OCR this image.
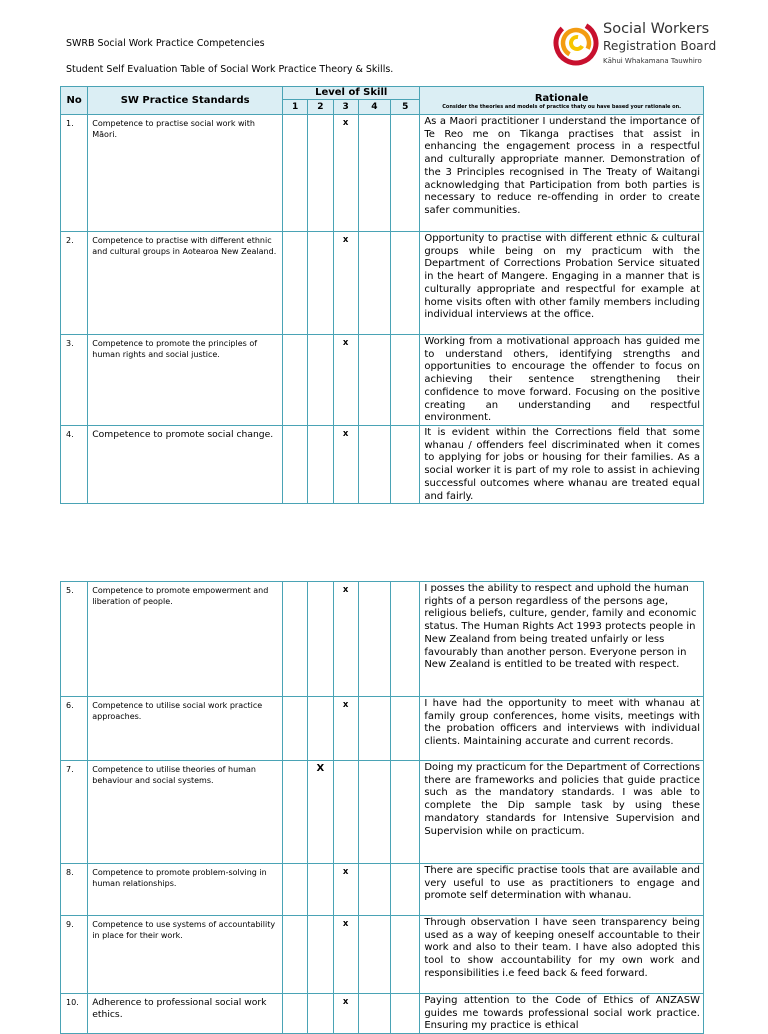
SWRB Social Work Practice Competencies
Student Self Evaluation Table of Social Work Practice Theory & Skills.
Social Workers
Registration Board
Kāhui Whakamana Tauwhiro
No	SW Practice Standards	Level of Skill					Rationale
Consider the theories and models of practice thaty ou have based your rationale on.

		1	2	3	4	5	
1.	Competence to practise social work with Māori.			x			As a Maori practitioner I understand the importance of Te Reo me on Tikanga practises that assist in enhancing the engagement process in a respectful and culturally appropriate manner. Demonstration of the 3 Principles recognised in The Treaty of Waitangi acknowledging that Participation from both parties is necessary to reduce re-offending in order to create safer communities.
2.	Competence to practise with different ethnic and cultural groups in Aotearoa New Zealand.			x			Opportunity to practise with different ethnic & cultural groups while being on my practicum with the Department of Corrections Probation Service situated in the heart of Mangere. Engaging in a manner that is culturally appropriate and respectful for example at home visits often with other family members including individual interviews at the office.
3.	Competence to promote the principles of human rights and social justice.			x			Working from a motivational approach has guided me to understand others, identifying strengths and opportunities to encourage the offender to focus on achieving their sentence strengthening their confidence to move forward. Focusing on the positive creating an understanding and respectful environment.
4.	Competence to promote social change.			x			It is evident within the Corrections field that some whanau / offenders feel discriminated when it comes to applying for jobs or housing for their families. As a social worker it is part of my role to assist in achieving successful outcomes where whanau are treated equal and fairly.
5.	Competence to promote empowerment and liberation of people.			x			I posses the ability to respect and uphold the human rights of a person regardless of the persons age, religious beliefs, culture, gender, family and economic status. The Human Rights Act 1993 protects people in New Zealand from being treated unfairly or less favourably than another person. Everyone person in New Zealand is entitled to be treated with respect.
6.	Competence to utilise social work practice approaches.			x			I have had the opportunity to meet with whanau at family group conferences, home visits, meetings with the probation officers and interviews with individual clients. Maintaining accurate and current records.
7.	Competence to utilise theories of human behaviour and social systems.		X				Doing my practicum for the Department of Corrections there are frameworks and policies that guide practice such as the mandatory standards. I was able to complete the Dip sample task by using these mandatory standards for Intensive Supervision and Supervision while on practicum.
8.	Competence to promote problem-solving in human relationships.			x			There are specific practise tools that are available and very useful to use as practitioners to engage and promote self determination with whanau.
9.	Competence to use systems of accountability in place for their work.			x			Through observation I have seen transparency being used as a way of keeping oneself accountable to their work and also to their team. I have also adopted this tool to show accountability for my own work and responsibilities i.e feed back & feed forward.
10.	Adherence to professional social work ethics.			x			Paying attention to the Code of Ethics of ANZASW guides me towards professional social work practice. Ensuring my practice is ethical
